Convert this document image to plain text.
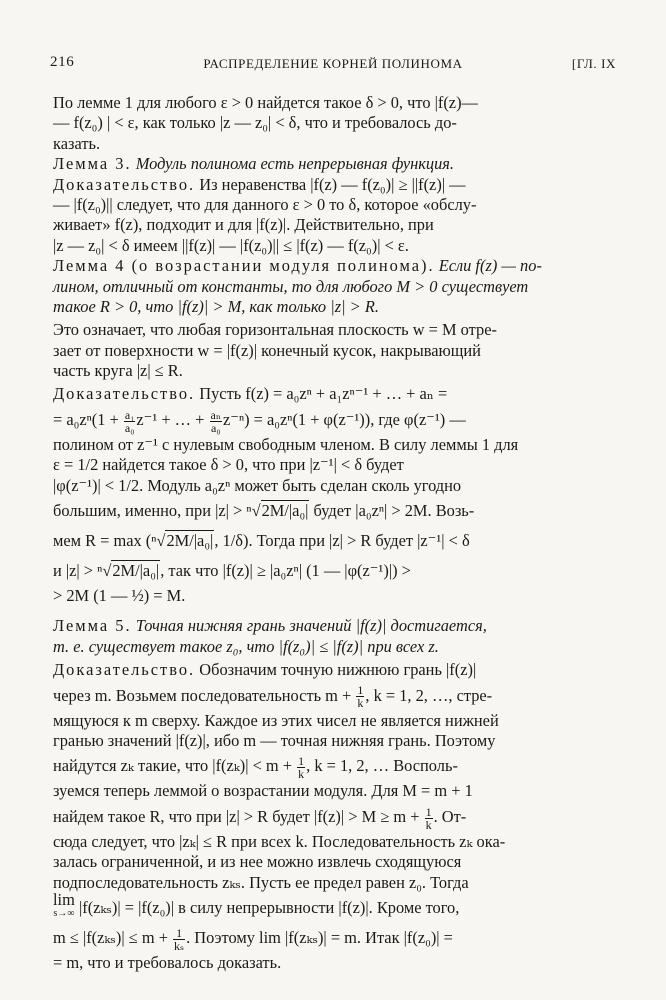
216	РАСПРЕДЕЛЕНИЕ КОРНЕЙ ПОЛИНОМА	[ГЛ. IX
По лемме 1 для любого ε > 0 найдется такое δ > 0, что |f(z)—
— f(z₀) | < ε, как только |z — z₀| < δ, что и требовалось до-
казать.
Лемма 3. Модуль полинома есть непрерывная функция.
Доказательство. Из неравенства |f(z) — f(z₀)| ≥ ||f(z)| —
— |f(z₀)|| следует, что для данного ε > 0 то δ, которое «обслу-
живает» f(z), подходит и для |f(z)|. Действительно, при
|z — z₀| < δ имеем ||f(z)| — |f(z₀)|| ≤ |f(z) — f(z₀)| < ε.
Лемма 4 (о возрастании модуля полинома). Если f(z) — по-
лином, отличный от константы, то для любого M > 0 существует
такое R > 0, что |f(z)| > M, как только |z| > R.
Это означает, что любая горизонтальная плоскость w = M отре-
зает от поверхности w = |f(z)| конечный кусок, накрывающий
часть круга |z| ≤ R.
Доказательство. Пусть f(z) = a₀zⁿ + a₁zⁿ⁻¹ + … + aₙ =
= $a_0z^n(1 + \frac{\text{a₁}}{\text{a₀}} z^{-1}$ + … + $\frac{\text{aₙ}}{\text{a₀}} z^{-n}) = a_0z^n(1 + \varphi(z^{-1}))$, где φ(z⁻¹) —
полином от z⁻¹ с нулевым свободным членом. В силу леммы 1 для
ε = 1/2 найдется такое δ > 0, что при |z⁻¹| < δ будет
|φ(z⁻¹)| < 1/2. Модуль a₀zⁿ может быть сделан сколь угодно
большим, именно, при |z| > ⁿ√2M/|a₀| будет |a₀zⁿ| > 2M. Возь-
мем R = max (ⁿ√2M/|a₀|, 1/δ). Тогда при |z| > R будет |z⁻¹| < δ
и |z| > ⁿ√2M/|a₀|, так что |f(z)| ≥ |a₀zⁿ| (1 — |φ(z⁻¹)|) >
> 2M (1 — ½) = M.
Лемма 5. Точная нижняя грань значений |f(z)| достигается,
т. е. существует такое z₀, что |f(z₀)| ≤ |f(z)| при всех z.
Доказательство. Обозначим точную нижнюю грань |f(z)|
через m. Возьмем последовательность $m + \frac{1}{k}$ , k = 1, 2, …, стре-
мящуюся к m сверху. Каждое из этих чисел не является нижней
гранью значений |f(z)|, ибо m — точная нижняя грань. Поэтому
найдутся zₖ такие, что $|f(z_k)| < m + \frac{1}{k}$ , k = 1, 2, … Восполь-
зуемся теперь леммой о возрастании модуля. Для M = m + 1
найдем такое R, что при |z| > R будет $|f(z)| > M \ge m + \frac{1}{k}$ . От-
сюда следует, что |zₖ| ≤ R при всех k. Последовательность zₖ ока-
залась ограниченной, и из нее можно извлечь сходящуюся
подпоследовательность zₖₛ. Пусть ее предел равен z₀. Тогда
lim
s→∞ |f(zₖₛ)| = |f(z₀)| в силу непрерывности |f(z)|. Кроме того,
$m \le |f(z_{ks})| \le m + \frac{1}{\text{kₛ}}$ . Поэтому lim |f(zₖₛ)| = m. Итак |f(z₀)| =
= m, что и требовалось доказать.
